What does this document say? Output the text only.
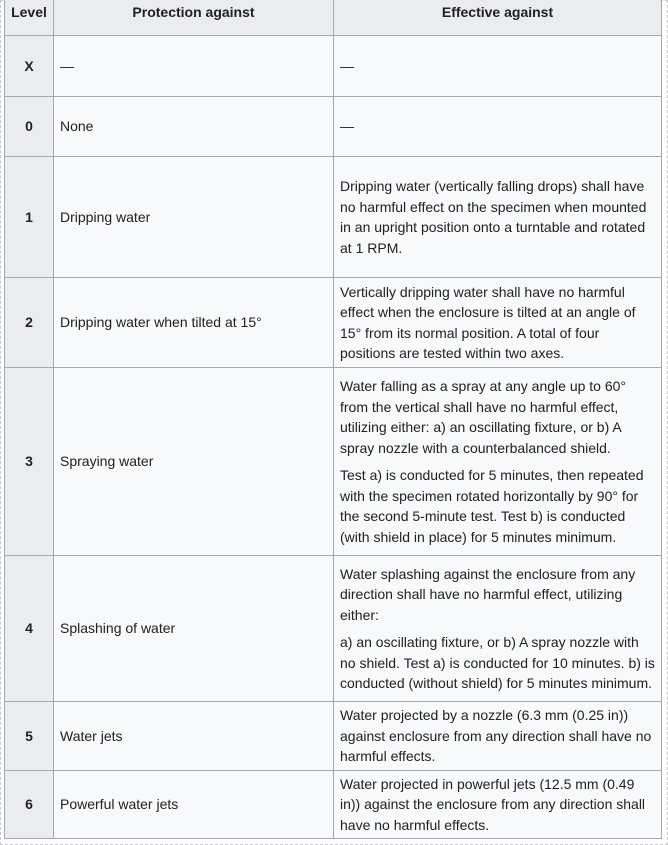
Level	Protection against	Effective against
X	—	—

0	None	—

1	Dripping water	Dripping water (vertically falling drops) shall have no harmful effect on the specimen when mounted in an upright position onto a turntable and rotated at 1 RPM.

2	Dripping water when tilted at 15°	Vertically dripping water shall have no harmful effect when the enclosure is tilted at an angle of 15° from its normal position. A total of four positions are tested within two axes.

3	Spraying water	Water falling as a spray at any angle up to 60° from the vertical shall have no harmful effect, utilizing either: a) an oscillating fixture, or b) A spray nozzle with a counterbalanced shield.
Test a) is conducted for 5 minutes, then repeated with the specimen rotated horizontally by 90° for the second 5-minute test. Test b) is conducted (with shield in place) for 5 minutes minimum.

4	Splashing of water	Water splashing against the enclosure from any direction shall have no harmful effect, utilizing either:
a) an oscillating fixture, or b) A spray nozzle with no shield. Test a) is conducted for 10 minutes. b) is conducted (without shield) for 5 minutes minimum.

5	Water jets	Water projected by a nozzle (6.3 mm (0.25 in)) against enclosure from any direction shall have no harmful effects.

6	Powerful water jets	Water projected in powerful jets (12.5 mm (0.49 in)) against the enclosure from any direction shall have no harmful effects.
